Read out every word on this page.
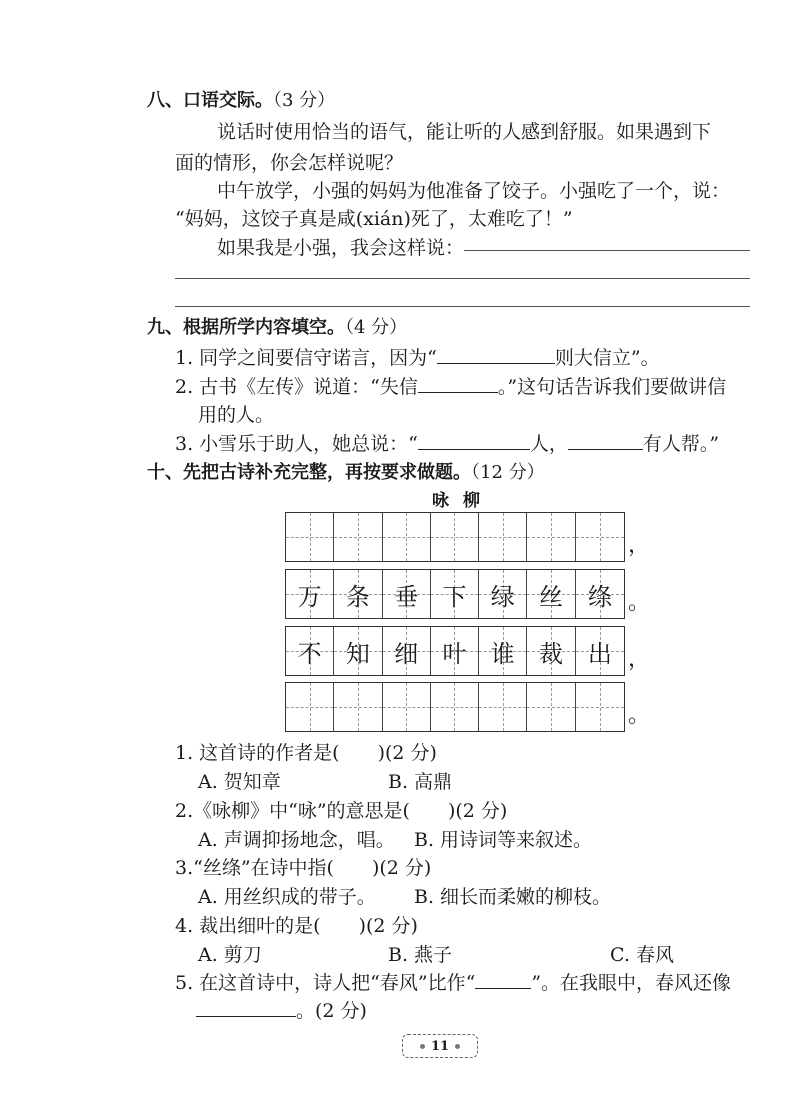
八、口语交际。（3 分）
说话时使用恰当的语气，能让听的人感到舒服。如果遇到下
面的情形，你会怎样说呢？
中午放学，小强的妈妈为他准备了饺子。小强吃了一个，说：
“妈妈，这饺子真是咸(xián)死了，太难吃了！”
如果我是小强，我会这样说：
九、根据所学内容填空。（4 分）
1. 同学之间要信守诺言，因为“	则大信立”。
2. 古书《左传》说道：“失信	。”这句话告诉我们要做讲信
用的人。
3. 小雪乐于助人，她总说：“	人，	有人帮。”
十、先把古诗补充完整，再按要求做题。（12 分）
咏柳
，
万	条	垂	下	绿	丝	绦 。
不	知	细	叶	谁	裁	出 ，
。
1. 这首诗的作者是(　　)(2 分)
A. 贺知章	B. 高鼎
2.《咏柳》中“咏”的意思是(　　)(2 分)
A. 声调抑扬地念，唱。 B. 用诗词等来叙述。
3.“丝绦”在诗中指(　　)(2 分)
A. 用丝织成的带子。 B. 细长而柔嫩的柳枝。
4. 裁出细叶的是(　　)(2 分)
A. 剪刀	B. 燕子	C. 春风
5. 在这首诗中，诗人把“春风”比作“	”。在我眼中，春风还像
。(2 分)
11
